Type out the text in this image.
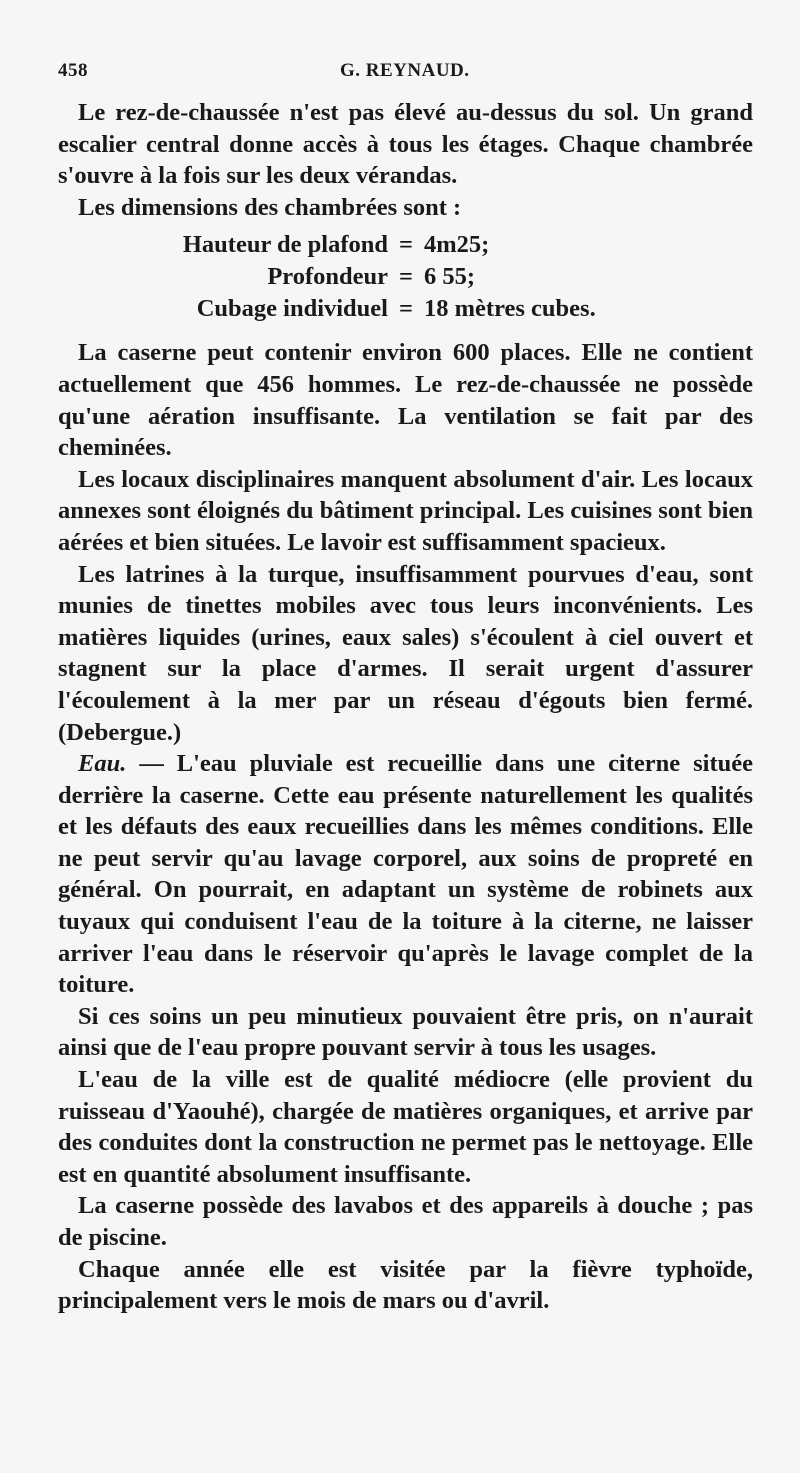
458	G. REYNAUD.

Le rez-de-chaussée n'est pas élevé au-dessus du sol. Un grand escalier central donne accès à tous les étages. Chaque chambrée s'ouvre à la fois sur les deux vérandas.

Les dimensions des chambrées sont :

Hauteur de plafond = 4m25;
Profondeur = 6 55;
Cubage individuel = 18 mètres cubes.

La caserne peut contenir environ 600 places. Elle ne contient actuellement que 456 hommes. Le rez-de-chaussée ne possède qu'une aération insuffisante. La ventilation se fait par des cheminées.

Les locaux disciplinaires manquent absolument d'air. Les locaux annexes sont éloignés du bâtiment principal. Les cuisines sont bien aérées et bien situées. Le lavoir est suffisamment spacieux.

Les latrines à la turque, insuffisamment pourvues d'eau, sont munies de tinettes mobiles avec tous leurs inconvénients. Les matières liquides (urines, eaux sales) s'écoulent à ciel ouvert et stagnent sur la place d'armes. Il serait urgent d'assurer l'écoulement à la mer par un réseau d'égouts bien fermé. (Debergue.)

Eau. — L'eau pluviale est recueillie dans une citerne située derrière la caserne. Cette eau présente naturellement les qualités et les défauts des eaux recueillies dans les mêmes conditions. Elle ne peut servir qu'au lavage corporel, aux soins de propreté en général. On pourrait, en adaptant un système de robinets aux tuyaux qui conduisent l'eau de la toiture à la citerne, ne laisser arriver l'eau dans le réservoir qu'après le lavage complet de la toiture.

Si ces soins un peu minutieux pouvaient être pris, on n'aurait ainsi que de l'eau propre pouvant servir à tous les usages.

L'eau de la ville est de qualité médiocre (elle provient du ruisseau d'Yaouhé), chargée de matières organiques, et arrive par des conduites dont la construction ne permet pas le nettoyage. Elle est en quantité absolument insuffisante.

La caserne possède des lavabos et des appareils à douche ; pas de piscine.

Chaque année elle est visitée par la fièvre typhoïde, principalement vers le mois de mars ou d'avril.
